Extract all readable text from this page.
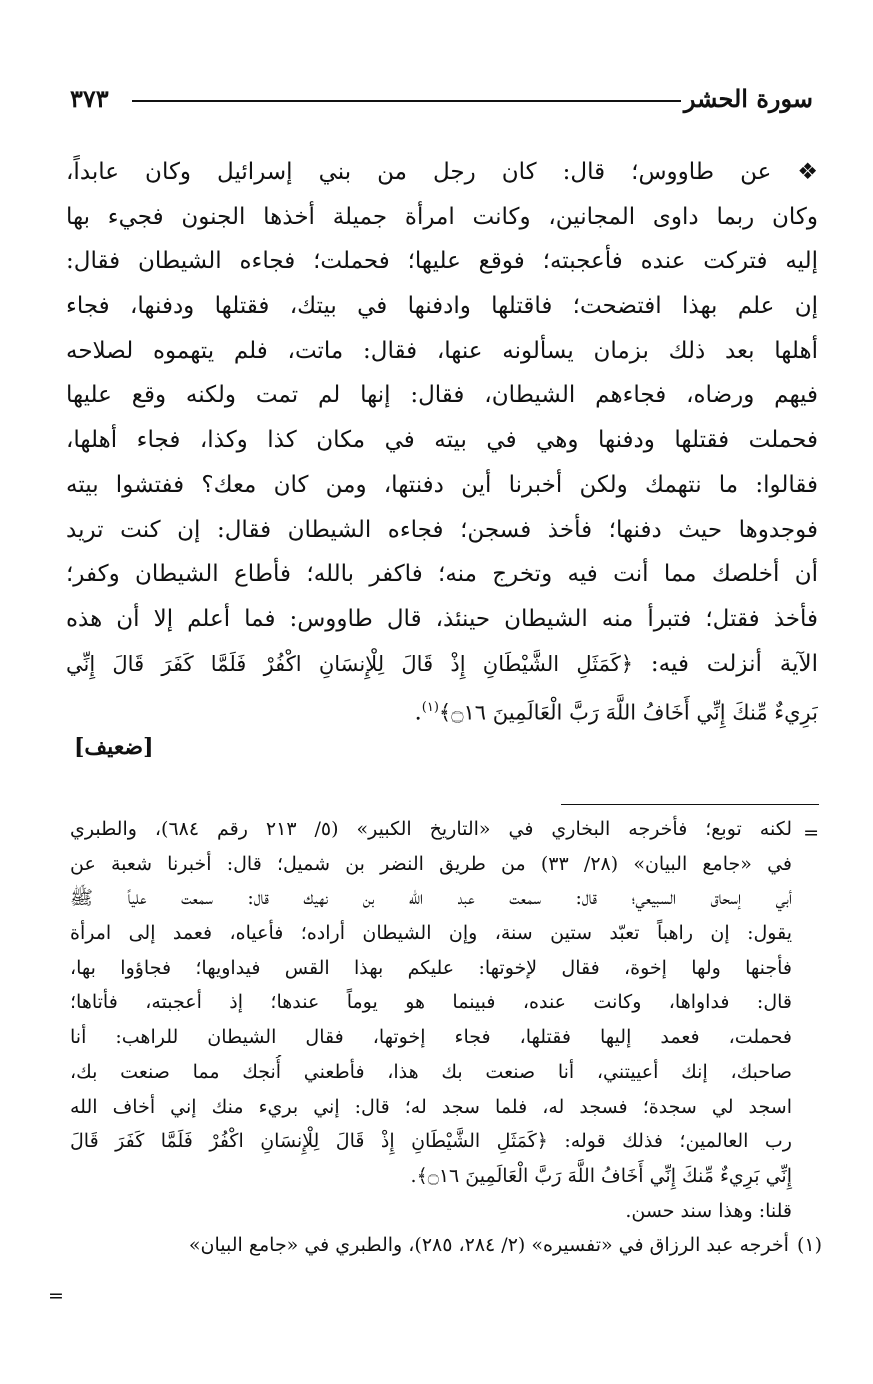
سورة الحشر
٣٧٣
❖ عن طاووس؛ قال: كان رجل من بني إسرائيل وكان عابداً،
وكان ربما داوى المجانين، وكانت امرأة جميلة أخذها الجنون فجيء بها
إليه فتركت عنده فأعجبته؛ فوقع عليها؛ فحملت؛ فجاءه الشيطان فقال:
إن علم بهذا افتضحت؛ فاقتلها وادفنها في بيتك، فقتلها ودفنها، فجاء
أهلها بعد ذلك بزمان يسألونه عنها، فقال: ماتت، فلم يتهموه لصلاحه
فيهم ورضاه، فجاءهم الشيطان، فقال: إنها لم تمت ولكنه وقع عليها
فحملت فقتلها ودفنها وهي في بيته في مكان كذا وكذا، فجاء أهلها،
فقالوا: ما نتهمك ولكن أخبرنا أين دفنتها، ومن كان معك؟ ففتشوا بيته
فوجدوها حيث دفنها؛ فأخذ فسجن؛ فجاءه الشيطان فقال: إن كنت تريد
أن أخلصك مما أنت فيه وتخرج منه؛ فاكفر بالله؛ فأطاع الشيطان وكفر؛
فأخذ فقتل؛ فتبرأ منه الشيطان حينئذ، قال طاووس: فما أعلم إلا أن هذه
الآية أنزلت فيه: ﴿كَمَثَلِ الشَّيْطَانِ إِذْ قَالَ لِلْإِنسَانِ اكْفُرْ فَلَمَّا كَفَرَ قَالَ إِنِّي
بَرِيءٌ مِّنكَ إِنِّي أَخَافُ اللَّهَ رَبَّ الْعَالَمِينَ ۝١٦﴾$^{(١)}$.
[ضعيف]
=
لكنه توبع؛ فأخرجه البخاري في «التاريخ الكبير» (٥/ ٢١٣ رقم ٦٨٤)، والطبري
في «جامع البيان» (٢٨/ ٣٣) من طريق النضر بن شميل؛ قال: أخبرنا شعبة عن
أبي إسحاق السبيعي؛ قال: سمعت عبد الله بن نهيك قال: سمعت علياً ﷺ
يقول: إن راهباً تعبّد ستين سنة، وإن الشيطان أراده؛ فأعياه، فعمد إلى امرأة
فأجنها ولها إخوة، فقال لإخوتها: عليكم بهذا القس فيداويها؛ فجاؤوا بها،
قال: فداواها، وكانت عنده، فبينما هو يوماً عندها؛ إذ أعجبته، فأتاها؛
فحملت، فعمد إليها فقتلها، فجاء إخوتها، فقال الشيطان للراهب: أنا
صاحبك، إنك أعييتني، أنا صنعت بك هذا، فأطعني أُنجك مما صنعت بك،
اسجد لي سجدة؛ فسجد له، فلما سجد له؛ قال: إني بريء منك إني أخاف الله
رب العالمين؛ فذلك قوله: ﴿كَمَثَلِ الشَّيْطَانِ إِذْ قَالَ لِلْإِنسَانِ اكْفُرْ فَلَمَّا كَفَرَ قَالَ
إِنِّي بَرِيءٌ مِّنكَ إِنِّي أَخَافُ اللَّهَ رَبَّ الْعَالَمِينَ ۝١٦﴾.
قلنا: وهذا سند حسن.
(١)أخرجه عبد الرزاق في «تفسيره» (٢/ ٢٨٤، ٢٨٥)، والطبري في «جامع البيان»
=
